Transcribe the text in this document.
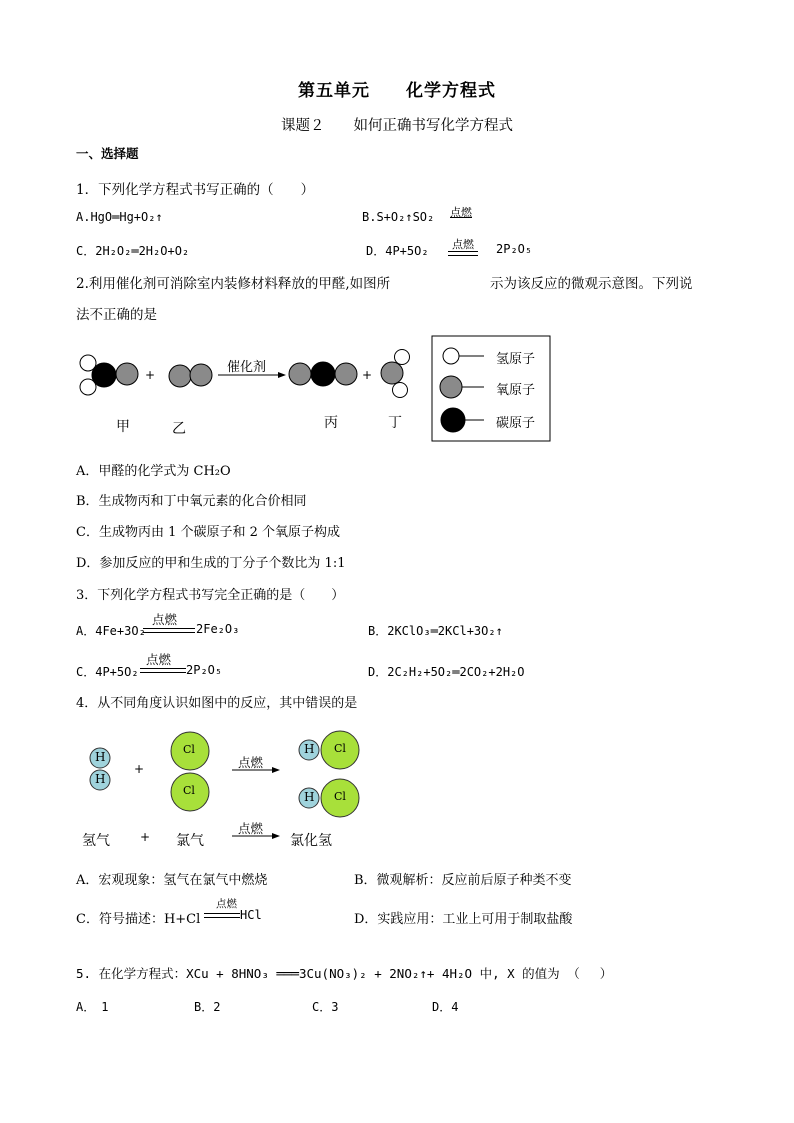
第五单元　　化学方程式
课题２　　如何正确书写化学方程式
一、选择题
1．下列化学方程式书写正确的（　　）
A.HgO═Hg+O₂↑	B.S+O₂↑SO₂ 点燃
C．2H₂O₂═2H₂O+O₂	D．4P+5O₂ 点燃 2P₂O₅
2.利用催化剂可消除室内装修材料释放的甲醛,如图所	示为该反应的微观示意图。下列说
法不正确的是
催化剂
+	+
甲	乙	丙	丁
氢原子
氧原子
碳原子
A．甲醛的化学式为 CH₂O
B．生成物丙和丁中氧元素的化合价相同
C．生成物丙由 1 个碳原子和 2 个氧原子构成
D．参加反应的甲和生成的丁分子个数比为 1:1
3．下列化学方程式书写完全正确的是（　　）
A．4Fe+3O₂
点燃
2Fe₂O₃	B．2KClO₃═2KCl+3O₂↑
C．4P+5O₂
点燃
2P₂O₅	D．2C₂H₂+5O₂═2CO₂+2H₂O
4．从不同角度认识如图中的反应，其中错误的是
H
H
Cl
Cl
+	点燃
H Cl
H Cl
氢气	+ 氯气
点燃
氯化氢
A．宏观现象：氢气在氯气中燃烧	B．微观解析：反应前后原子种类不变
C．符号描述：H+Cl
点燃
HCl	D．实践应用：工业上可用于制取盐酸
5. 在化学方程式：XCu + 8HNO₃ ═══3Cu(NO₃)₂ + 2NO₂↑+ 4H₂O 中, X 的值为 （　 ）
A．　1	B．2	C．3	D．4
